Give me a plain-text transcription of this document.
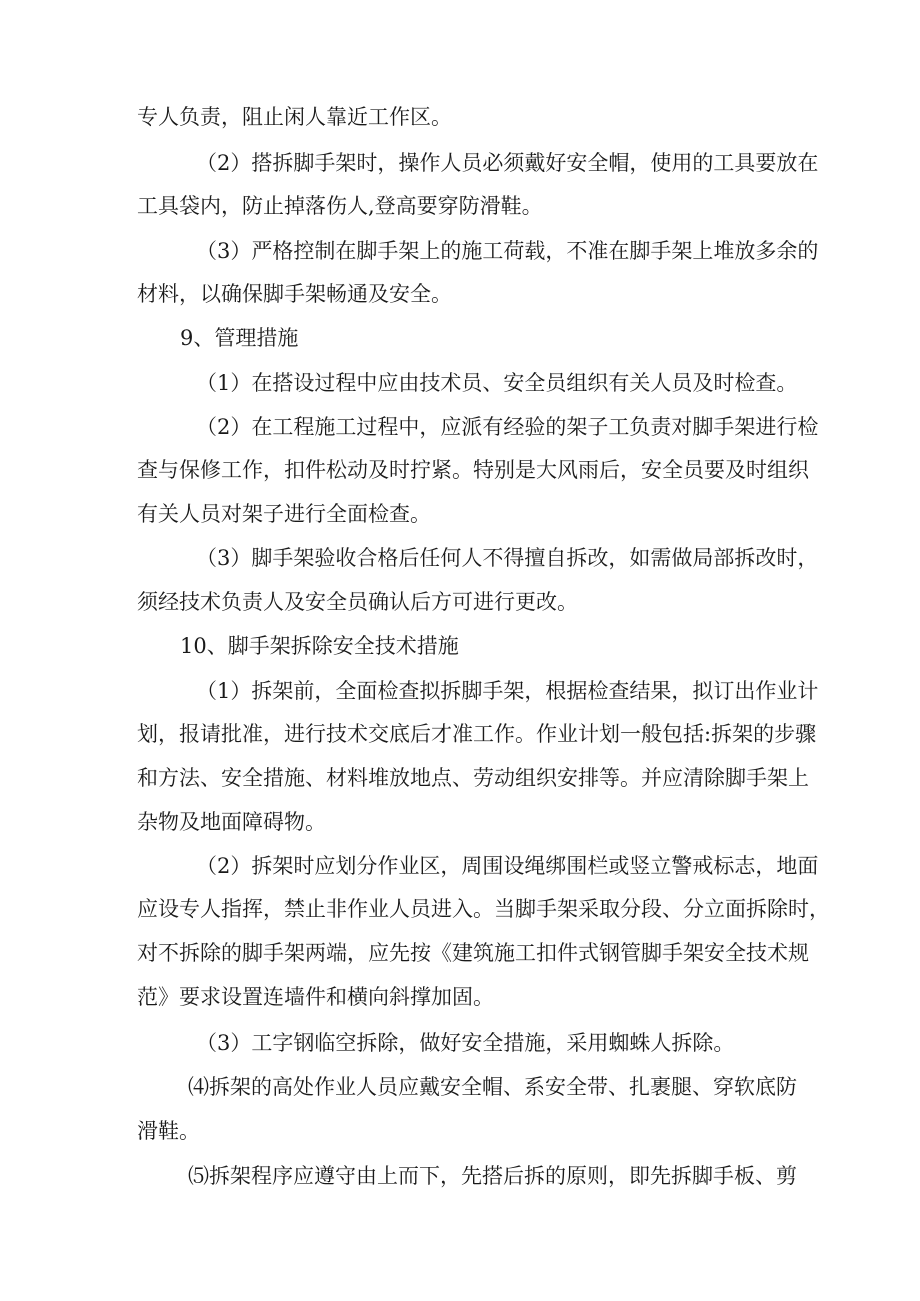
专人负责，阻止闲人靠近工作区。
（2）搭拆脚手架时，操作人员必须戴好安全帽，使用的工具要放在
工具袋内，防止掉落伤人,登高要穿防滑鞋。
（3）严格控制在脚手架上的施工荷载，不准在脚手架上堆放多余的
材料，以确保脚手架畅通及安全。
9、管理措施
（1）在搭设过程中应由技术员、安全员组织有关人员及时检查。
（2）在工程施工过程中，应派有经验的架子工负责对脚手架进行检
查与保修工作，扣件松动及时拧紧。特别是大风雨后，安全员要及时组织
有关人员对架子进行全面检查。
（3）脚手架验收合格后任何人不得擅自拆改，如需做局部拆改时，
须经技术负责人及安全员确认后方可进行更改。
10、脚手架拆除安全技术措施
（1）拆架前，全面检查拟拆脚手架，根据检查结果，拟订出作业计
划，报请批准，进行技术交底后才准工作。作业计划一般包括:拆架的步骤
和方法、安全措施、材料堆放地点、劳动组织安排等。并应清除脚手架上
杂物及地面障碍物。
（2）拆架时应划分作业区，周围设绳绑围栏或竖立警戒标志，地面
应设专人指挥，禁止非作业人员进入。当脚手架采取分段、分立面拆除时，
对不拆除的脚手架两端，应先按《建筑施工扣件式钢管脚手架安全技术规
范》要求设置连墙件和横向斜撑加固。
（3）工字钢临空拆除，做好安全措施，采用蜘蛛人拆除。
⑷拆架的高处作业人员应戴安全帽、系安全带、扎裹腿、穿软底防
滑鞋。
⑸拆架程序应遵守由上而下，先搭后拆的原则，即先拆脚手板、剪
